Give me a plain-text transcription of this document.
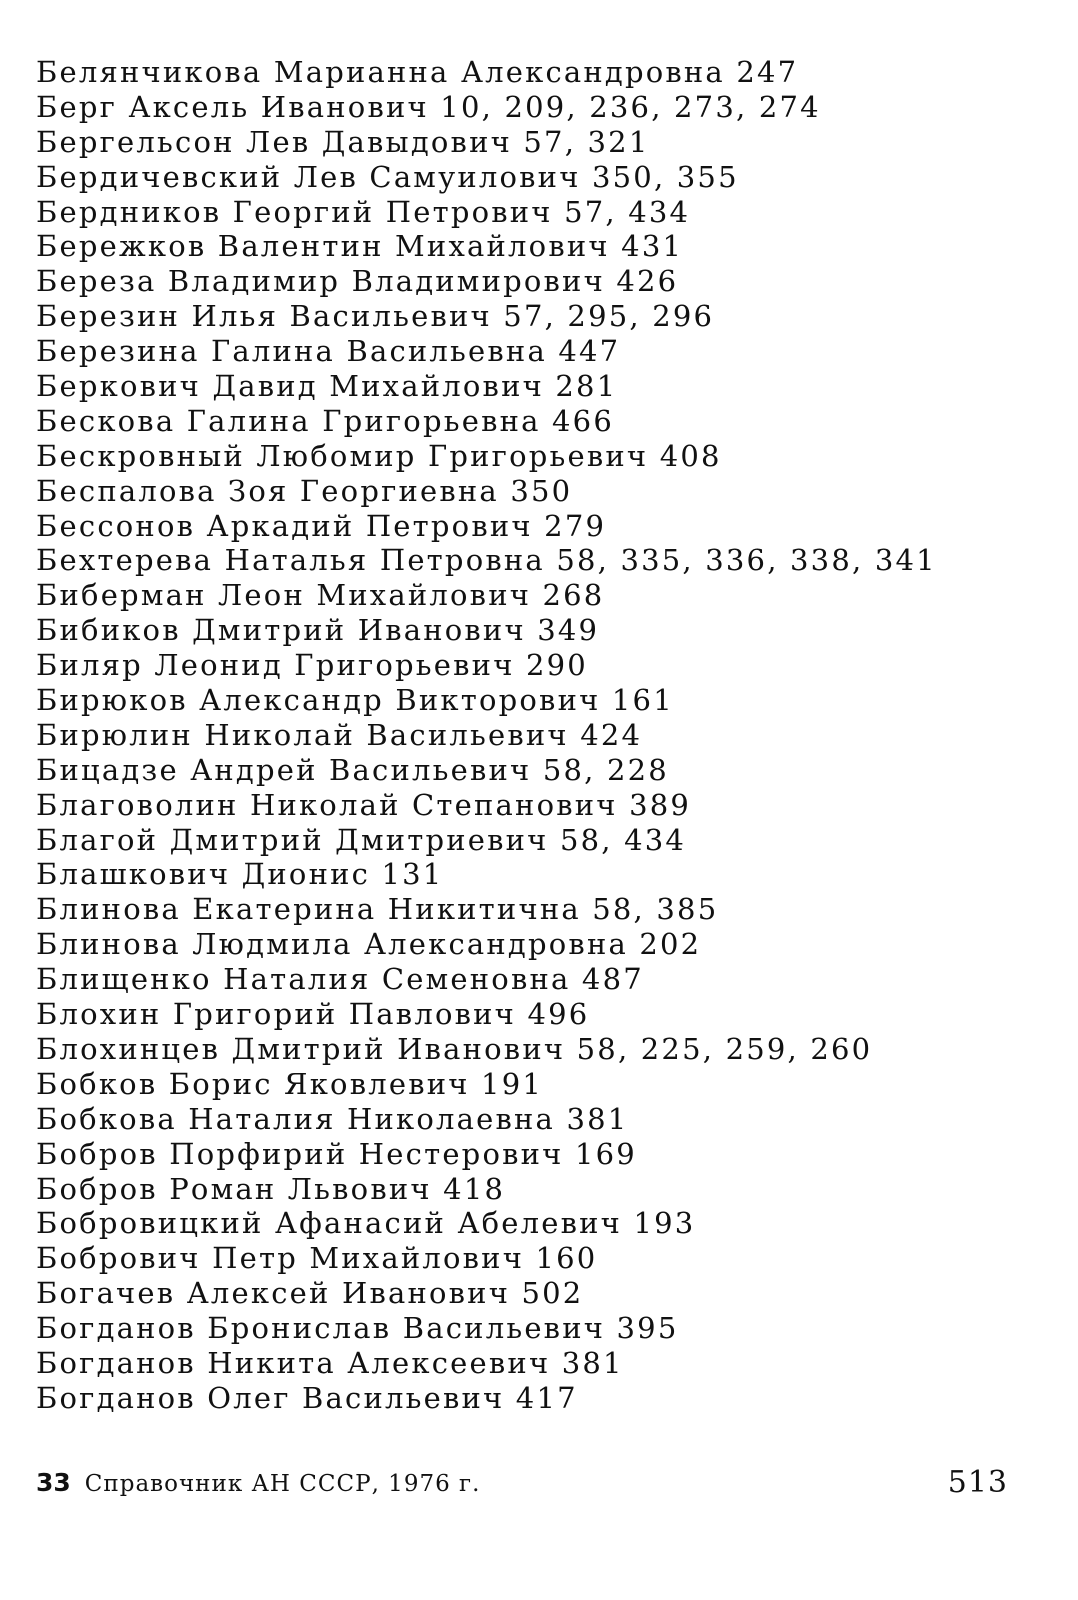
Белянчикова Марианна Александровна 247
Берг Аксель Иванович 10, 209, 236, 273, 274
Бергельсон Лев Давыдович 57, 321
Бердичевский Лев Самуилович 350, 355
Бердников Георгий Петрович 57, 434
Бережков Валентин Михайлович 431
Береза Владимир Владимирович 426
Березин Илья Васильевич 57, 295, 296
Березина Галина Васильевна 447
Беркович Давид Михайлович 281
Бескова Галина Григорьевна 466
Бескровный Любомир Григорьевич 408
Беспалова Зоя Георгиевна 350
Бессонов Аркадий Петрович 279
Бехтерева Наталья Петровна 58, 335, 336, 338, 341
Биберман Леон Михайлович 268
Бибиков Дмитрий Иванович 349
Биляр Леонид Григорьевич 290
Бирюков Александр Викторович 161
Бирюлин Николай Васильевич 424
Бицадзе Андрей Васильевич 58, 228
Благоволин Николай Степанович 389
Благой Дмитрий Дмитриевич 58, 434
Блашкович Дионис 131
Блинова Екатерина Никитична 58, 385
Блинова Людмила Александровна 202
Блищенко Наталия Семеновна 487
Блохин Григорий Павлович 496
Блохинцев Дмитрий Иванович 58, 225, 259, 260
Бобков Борис Яковлевич 191
Бобкова Наталия Николаевна 381
Бобров Порфирий Нестерович 169
Бобров Роман Львович 418
Бобровицкий Афанасий Абелевич 193
Бобрович Петр Михайлович 160
Богачев Алексей Иванович 502
Богданов Бронислав Васильевич 395
Богданов Никита Алексеевич 381
Богданов Олег Васильевич 417
33 Справочник АН СССР, 1976 г.	513
